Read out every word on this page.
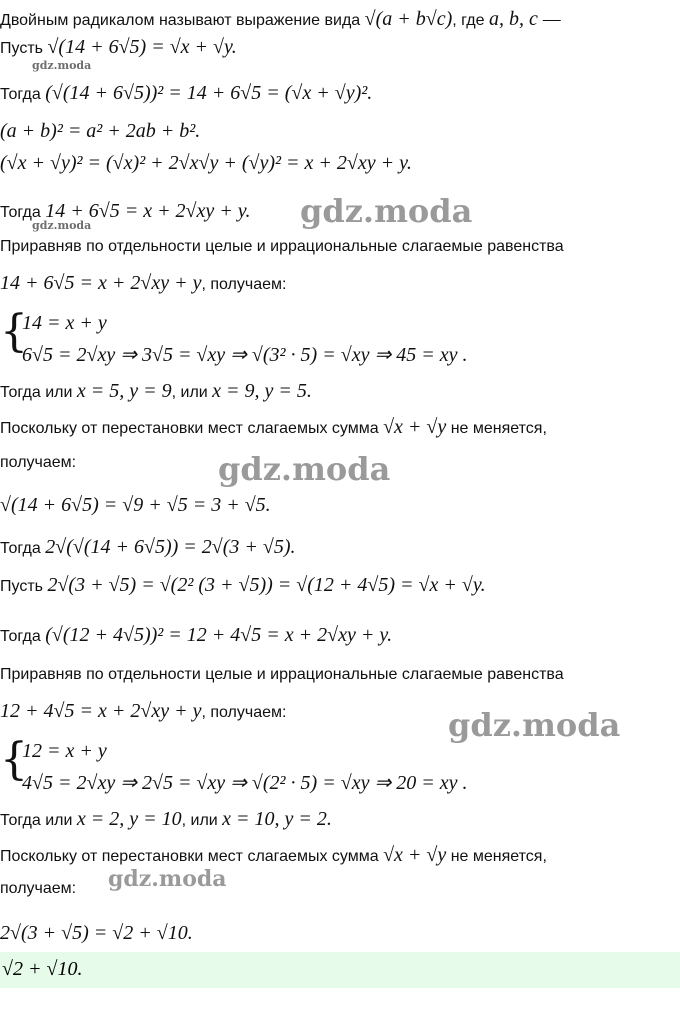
Двойным радикалом называют выражение вида √(a + b√c), где a, b, c —
Пусть √(14 + 6√5) = √x + √y.
Тогда (√(14 + 6√5))² = 14 + 6√5 = (√x + √y)².
(a + b)² = a² + 2ab + b².
(√x + √y)² = (√x)² + 2√x√y + (√y)² = x + 2√xy + y.
Тогда 14 + 6√5 = x + 2√xy + y.
Приравняв по отдельности целые и иррациональные слагаемые равенства
14 + 6√5 = x + 2√xy + y, получаем:
14 = x + y
6√5 = 2√xy ⇒ 3√5 = √xy ⇒ √(3² · 5) = √xy ⇒ 45 = xy .
Тогда или x = 5, y = 9, или x = 9, y = 5.
Поскольку от перестановки мест слагаемых сумма √x + √y не меняется,
получаем:
√(14 + 6√5) = √9 + √5 = 3 + √5.
Тогда 2√(√(14 + 6√5)) = 2√(3 + √5).
Пусть 2√(3 + √5) = √(2² (3 + √5)) = √(12 + 4√5) = √x + √y.
Тогда (√(12 + 4√5))² = 12 + 4√5 = x + 2√xy + y.
Приравняв по отдельности целые и иррациональные слагаемые равенства
12 + 4√5 = x + 2√xy + y, получаем:
12 = x + y
4√5 = 2√xy ⇒ 2√5 = √xy ⇒ √(2² · 5) = √xy ⇒ 20 = xy .
Тогда или x = 2, y = 10, или x = 10, y = 2.
Поскольку от перестановки мест слагаемых сумма √x + √y не меняется,
получаем:
2√(3 + √5) = √2 + √10.
{
{
√2 + √10.
gdz.moda
gdz.moda	gdz.moda
gdz.moda
gdz.moda
gdz.moda
